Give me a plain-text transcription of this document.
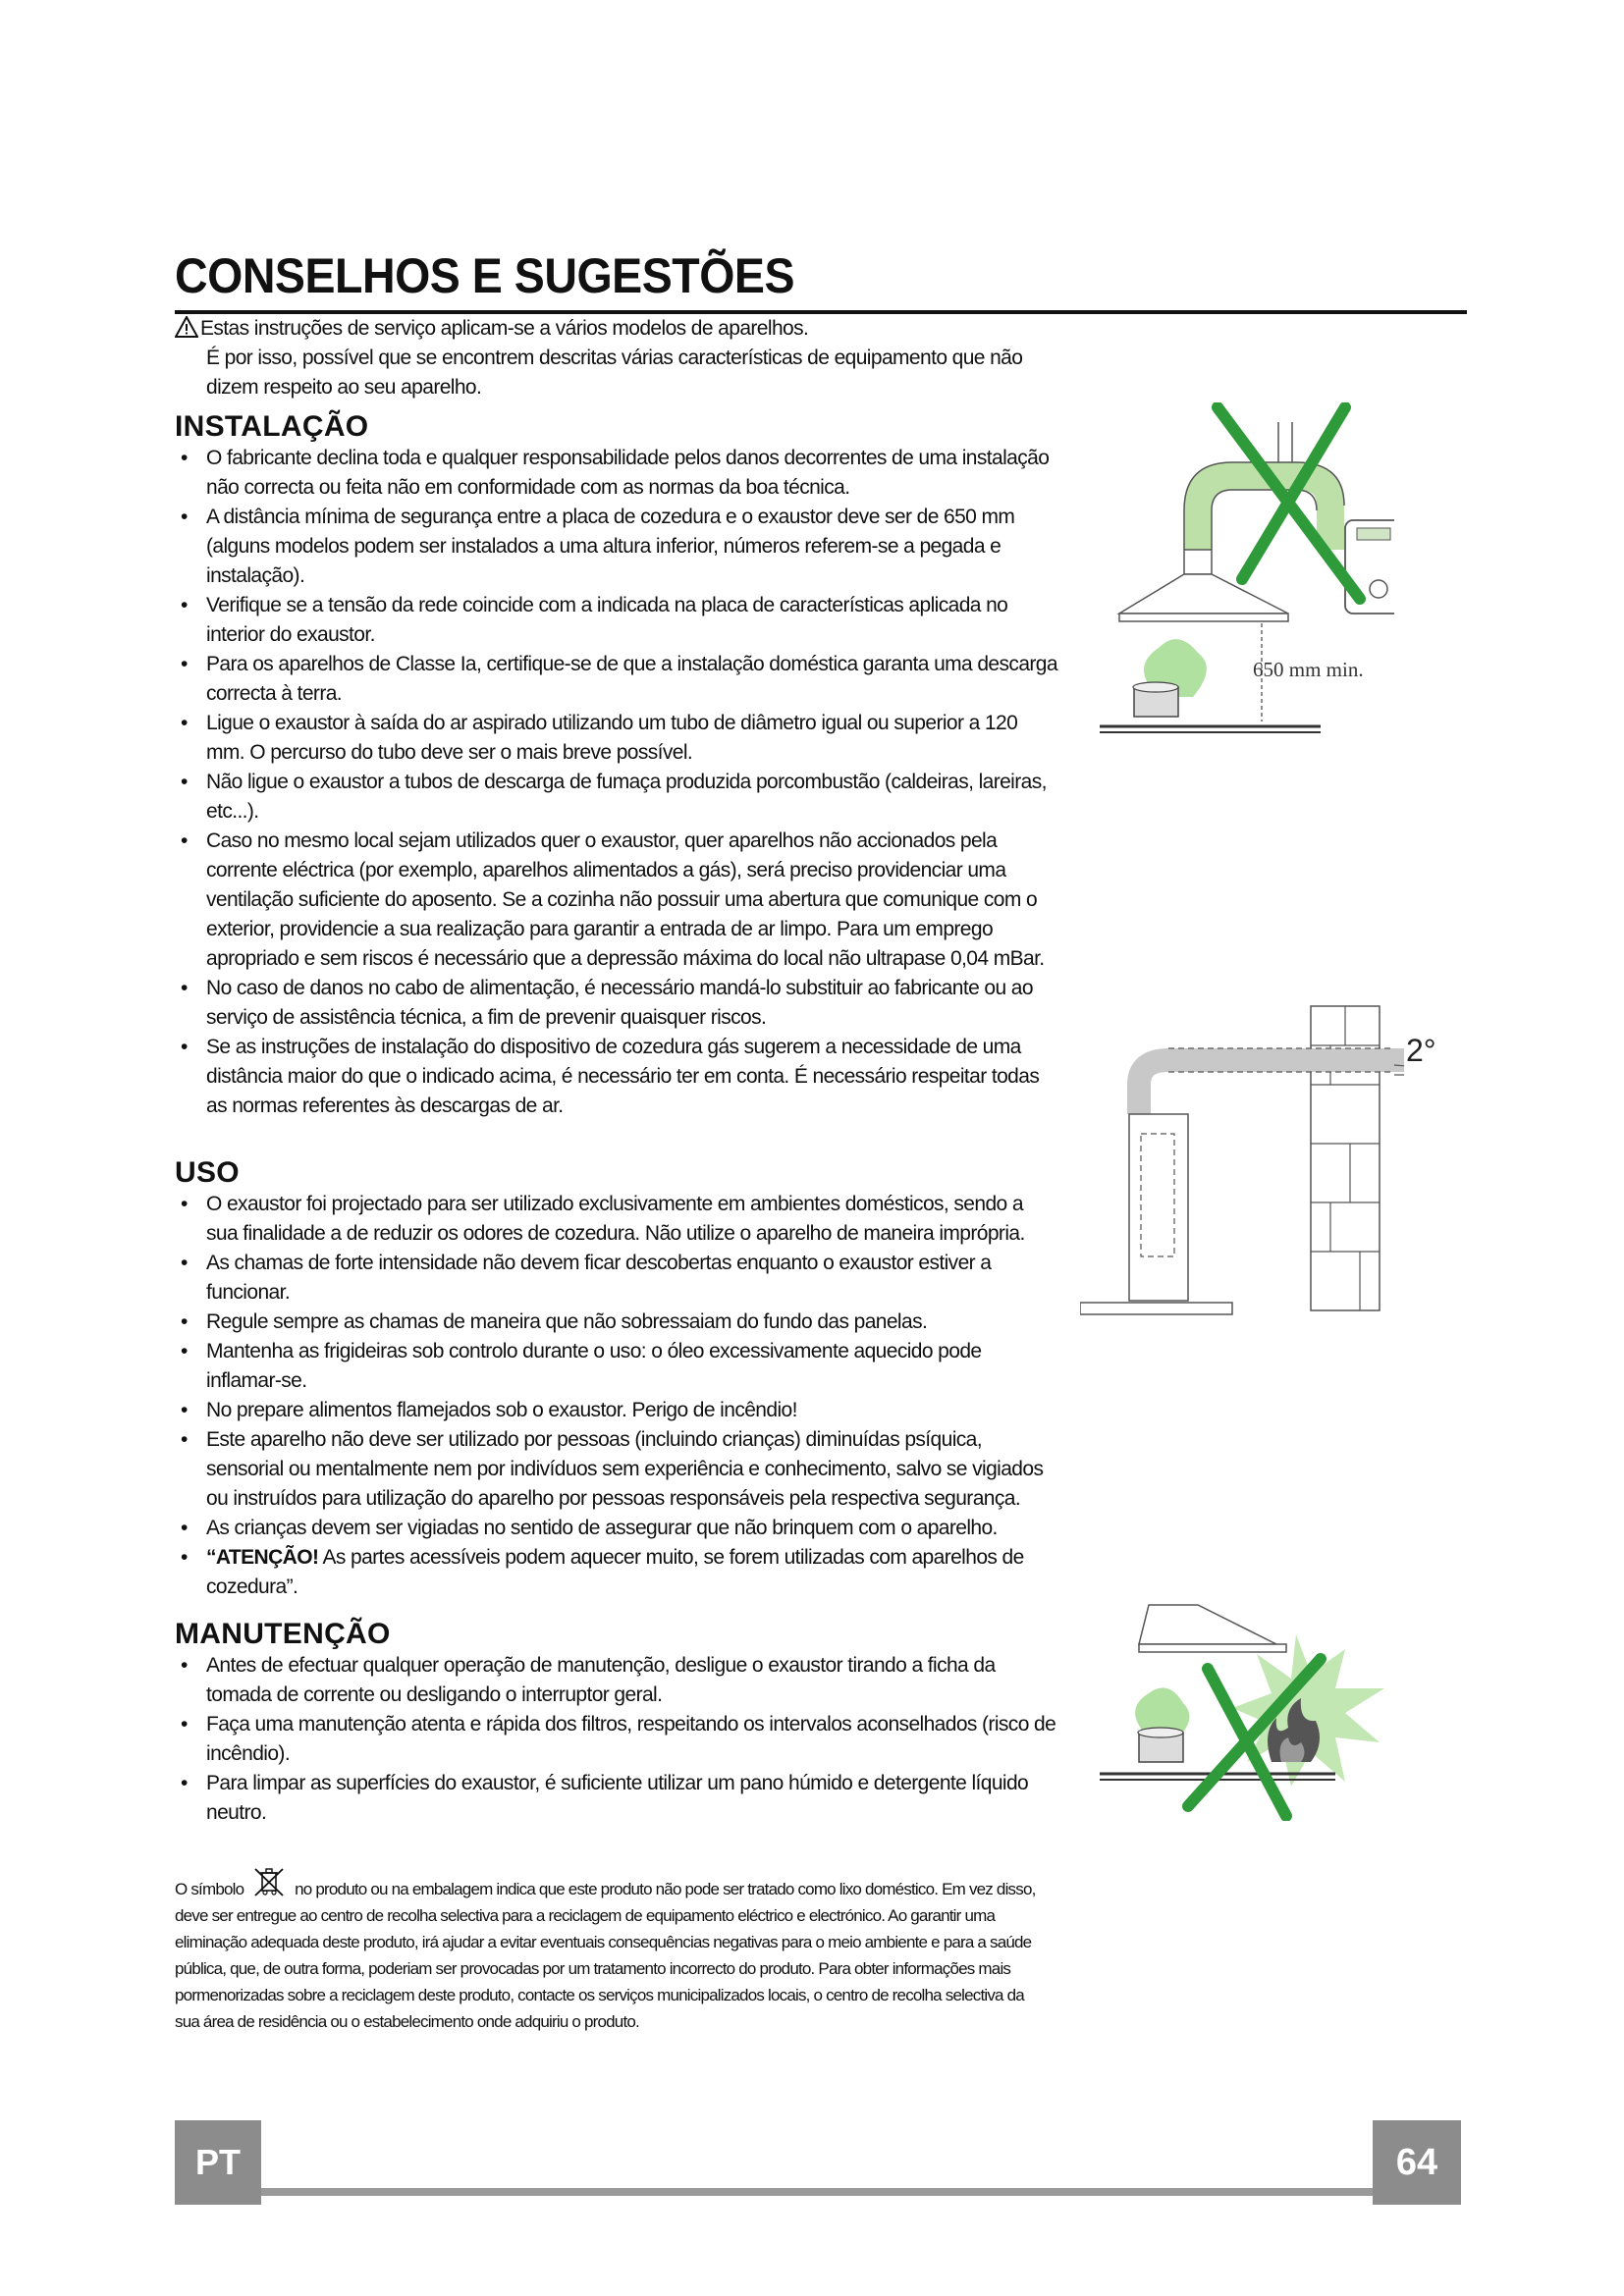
CONSELHOS E SUGESTÕES
Estas instruções de serviço aplicam-se a vários modelos de aparelhos.
É por isso, possível que se encontrem descritas várias características de equipamento que não dizem respeito ao seu aparelho.
INSTALAÇÃO
• O fabricante declina toda e qualquer responsabilidade pelos danos decorrentes de uma instalação não correcta ou feita não em conformidade com as normas da boa técnica.
• A distância mínima de segurança entre a placa de cozedura e o exaustor deve ser de 650 mm (alguns modelos podem ser instalados a uma altura inferior, números referem-se a pegada e instalação).
• Verifique se a tensão da rede coincide com a indicada na placa de características aplicada no interior do exaustor.
• Para os aparelhos de Classe Ia, certifique-se de que a instalação doméstica garanta uma descarga correcta à terra.
• Ligue o exaustor à saída do ar aspirado utilizando um tubo de diâmetro igual ou superior a 120 mm. O percurso do tubo deve ser o mais breve possível.
• Não ligue o exaustor a tubos de descarga de fumaça produzida porcombustão (caldeiras, lareiras, etc...).
• Caso no mesmo local sejam utilizados quer o exaustor, quer aparelhos não accionados pela corrente eléctrica (por exemplo, aparelhos alimentados a gás), será preciso providenciar uma ventilação suficiente do aposento. Se a cozinha não possuir uma abertura que comunique com o exterior, providencie a sua realização para garantir a entrada de ar limpo. Para um emprego apropriado e sem riscos é necessário que a depressão máxima do local não ultrapase 0,04 mBar.
• No caso de danos no cabo de alimentação, é necessário mandá-lo substituir ao fabricante ou ao serviço de assistência técnica, a fim de prevenir quaisquer riscos.
• Se as instruções de instalação do dispositivo de cozedura gás sugerem a necessidade de uma distância maior do que o indicado acima, é necessário ter em conta. É necessário respeitar todas as normas referentes às descargas de ar.
USO
• O exaustor foi projectado para ser utilizado exclusivamente em ambientes domésticos, sendo a sua finalidade a de reduzir os odores de cozedura. Não utilize o aparelho de maneira imprópria.
• As chamas de forte intensidade não devem ficar descobertas enquanto o exaustor estiver a funcionar.
• Regule sempre as chamas de maneira que não sobressaiam do fundo das panelas.
• Mantenha as frigideiras sob controlo durante o uso: o óleo excessivamente aquecido pode inflamar-se.
• No prepare alimentos flamejados sob o exaustor. Perigo de incêndio!
• Este aparelho não deve ser utilizado por pessoas (incluindo crianças) diminuídas psíquica, sensorial ou mentalmente nem por indivíduos sem experiência e conhecimento, salvo se vigiados ou instruídos para utilização do aparelho por pessoas responsáveis pela respectiva segurança.
• As crianças devem ser vigiadas no sentido de assegurar que não brinquem com o aparelho.
• “ATENÇÃO! As partes acessíveis podem aquecer muito, se forem utilizadas com aparelhos de cozedura”.
MANUTENÇÃO
• Antes de efectuar qualquer operação de manutenção, desligue o exaustor tirando a ficha da tomada de corrente ou desligando o interruptor geral.
• Faça uma manutenção atenta e rápida dos filtros, respeitando os intervalos aconselhados (risco de incêndio).
• Para limpar as superfícies do exaustor, é suficiente utilizar um pano húmido e detergente líquido neutro.
O símbolo	no produto ou na embalagem indica que este produto não pode ser tratado como lixo doméstico. Em vez disso, deve ser entregue ao centro de recolha selectiva para a reciclagem de equipamento eléctrico e electrónico. Ao garantir uma eliminação adequada deste produto, irá ajudar a evitar eventuais consequências negativas para o meio ambiente e para a saúde pública, que, de outra forma, poderiam ser provocadas por um tratamento incorrecto do produto. Para obter informações mais pormenorizadas sobre a reciclagem deste produto, contacte os serviços municipalizados locais, o centro de recolha selectiva da sua área de residência ou o estabelecimento onde adquiriu o produto.
650 mm min.
2°
PT	64
